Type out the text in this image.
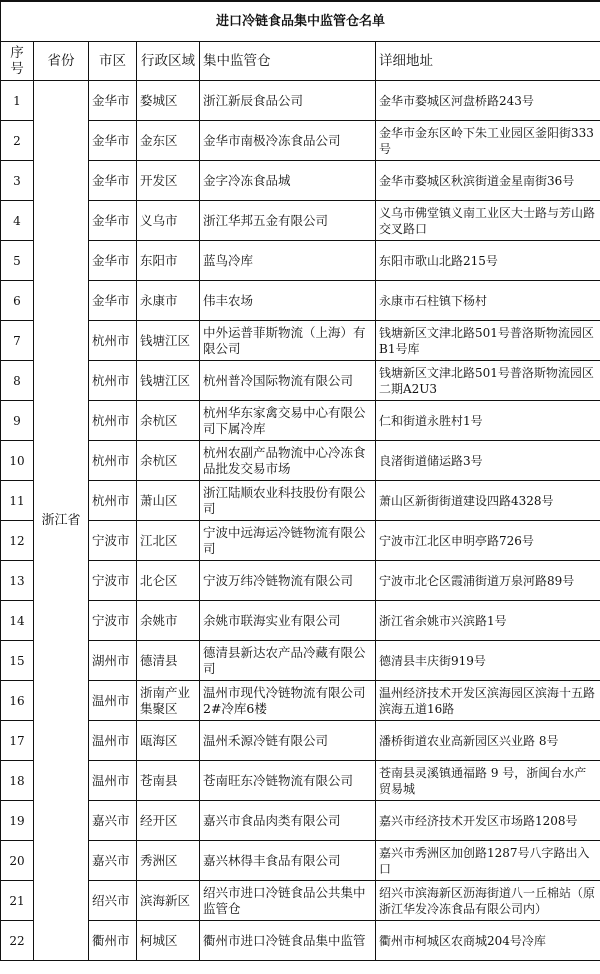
进口冷链食品集中监管仓名单					
序号	省份	市区	行政区域	集中监管仓	详细地址
1	浙江省	金华市	婺城区	浙江新辰食品公司	金华市婺城区河盘桥路243号
2		金华市	金东区	金华市南极冷冻食品公司	金华市金东区岭下朱工业园区釜阳街333号
3		金华市	开发区	金字冷冻食品城	金华市婺城区秋滨街道金星南街36号
4		金华市	义乌市	浙江华邦五金有限公司	义乌市佛堂镇义南工业区大士路与芳山路交叉路口
5		金华市	东阳市	蓝鸟冷库	东阳市歌山北路215号
6		金华市	永康市	伟丰农场	永康市石柱镇下杨村
7		杭州市	钱塘江区	中外运普菲斯物流（上海）有限公司	钱塘新区文津北路501号普洛斯物流园区B1号库
8		杭州市	钱塘江区	杭州普冷国际物流有限公司	钱塘新区文津北路501号普洛斯物流园区二期A2U3
9		杭州市	余杭区	杭州华东家禽交易中心有限公司下属冷库	仁和街道永胜村1号
10		杭州市	余杭区	杭州农副产品物流中心冷冻食品批发交易市场	良渚街道储运路3号
11		杭州市	萧山区	浙江陆顺农业科技股份有限公司	萧山区新街街道建设四路4328号
12		宁波市	江北区	宁波中远海运冷链物流有限公司	宁波市江北区申明亭路726号
13		宁波市	北仑区	宁波万纬冷链物流有限公司	宁波市北仑区霞浦街道万泉河路89号
14		宁波市	余姚市	余姚市联海实业有限公司	浙江省余姚市兴滨路1号
15		湖州市	德清县	德清县新达农产品冷藏有限公司	德清县丰庆街919号
16		温州市	浙南产业集聚区	温州市现代冷链物流有限公司2#冷库6楼	温州经济技术开发区滨海园区滨海十五路滨海五道16路
17		温州市	瓯海区	温州禾源冷链有限公司	潘桥街道农业高新园区兴业路 8号
18		温州市	苍南县	苍南旺东冷链物流有限公司	苍南县灵溪镇通福路 9 号，浙闽台水产贸易城
19		嘉兴市	经开区	嘉兴市食品肉类有限公司	嘉兴市经济技术开发区市场路1208号
20		嘉兴市	秀洲区	嘉兴林得丰食品有限公司	嘉兴市秀洲区加创路1287号八字路出入口
21		绍兴市	滨海新区	绍兴市进口冷链食品公共集中监管仓	绍兴市滨海新区沥海街道八一丘棉站（原浙江华发冷冻食品有限公司内）
22		衢州市	柯城区	衢州市进口冷链食品集中监管	衢州市柯城区农商城204号冷库
